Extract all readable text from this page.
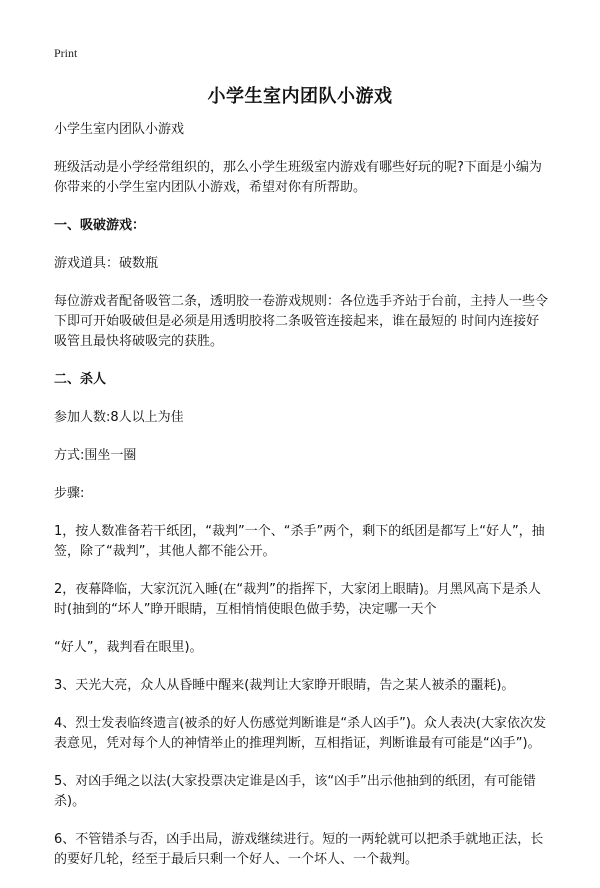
Print
小学生室内团队小游戏

小学生室内团队小游戏

班级活动是小学经常组织的，那么小学生班级室内游戏有哪些好玩的呢?下面是小编为你带来的小学生室内团队小游戏，希望对你有所帮助。

一、吸破游戏：

游戏道具：破数瓶

每位游戏者配备吸管二条，透明胶一卷游戏规则：各位选手齐站于台前，主持人一些令下即可开始吸破但是必须是用透明胶将二条吸管连接起来，谁在最短的 时间内连接好吸管且最快将破吸完的获胜。

二、杀人

参加人数:8人以上为佳

方式:围坐一圈

步骤:

1，按人数准备若干纸团，“裁判”一个、“杀手”两个，剩下的纸团是都写上“好人”，抽签，除了“裁判”，其他人都不能公开。

2，夜幕降临，大家沉沉入睡(在“裁判”的指挥下，大家闭上眼睛)。月黑风高下是杀人时(抽到的“坏人”睁开眼睛，互相悄悄使眼色做手势，决定哪一天个

“好人”，裁判看在眼里)。

3、天光大亮，众人从昏睡中醒来(裁判让大家睁开眼睛，告之某人被杀的噩耗)。

4、烈士发表临终遗言(被杀的好人伤感觉判断谁是“杀人凶手”)。众人表决(大家依次发表意见，凭对每个人的神情举止的推理判断，互相指证，判断谁最有可能是“凶手”)。

5、对凶手绳之以法(大家投票决定谁是凶手，该“凶手”出示他抽到的纸团，有可能错杀)。

6、不管错杀与否，凶手出局，游戏继续进行。短的一两轮就可以把杀手就地正法，长的要好几轮，经至于最后只剩一个好人、一个坏人、一个裁判。
